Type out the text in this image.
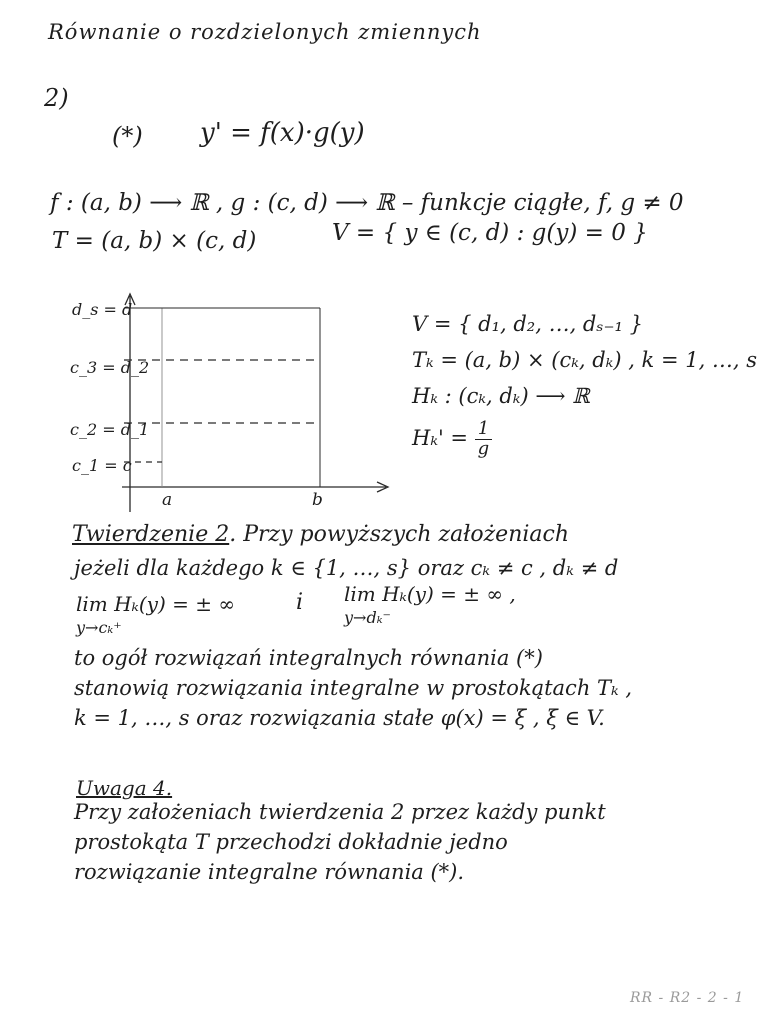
Równanie o rozdzielonych zmiennych
2)
(*) y' = f(x)·g(y)
f : (a, b) ⟶ ℝ , g : (c, d) ⟶ ℝ – funkcje ciągłe, f, g ≠ 0
T = (a, b) × (c, d)	V = { y ∈ (c, d) : g(y) = 0 }
d_s = d
c_3 = d_2
c_2 = d_1
c_1 = c
a	b
V = { d₁, d₂, …, dₛ₋₁ }
Tₖ = (a, b) × (cₖ, dₖ) , k = 1, …, s
Hₖ : (cₖ, dₖ) ⟶ ℝ
$H_k' = \frac{1}{g}$
Twierdzenie 2. Przy powyższych założeniach
jeżeli dla każdego k ∈ {1, …, s} oraz cₖ ≠ c , dₖ ≠ d
lim Hₖ(y) = ± ∞
y→cₖ⁺
i lim Hₖ(y) = ± ∞ ,
y→dₖ⁻
to ogół rozwiązań integralnych równania (*)
stanowią rozwiązania integralne w prostokątach Tₖ ,
k = 1, …, s oraz rozwiązania stałe φ(x) = ξ , ξ ∈ V.
Uwaga 4.
Przy założeniach twierdzenia 2 przez każdy punkt
prostokąta T przechodzi dokładnie jedno
rozwiązanie integralne równania (*).
RR - R2 - 2 - 1
